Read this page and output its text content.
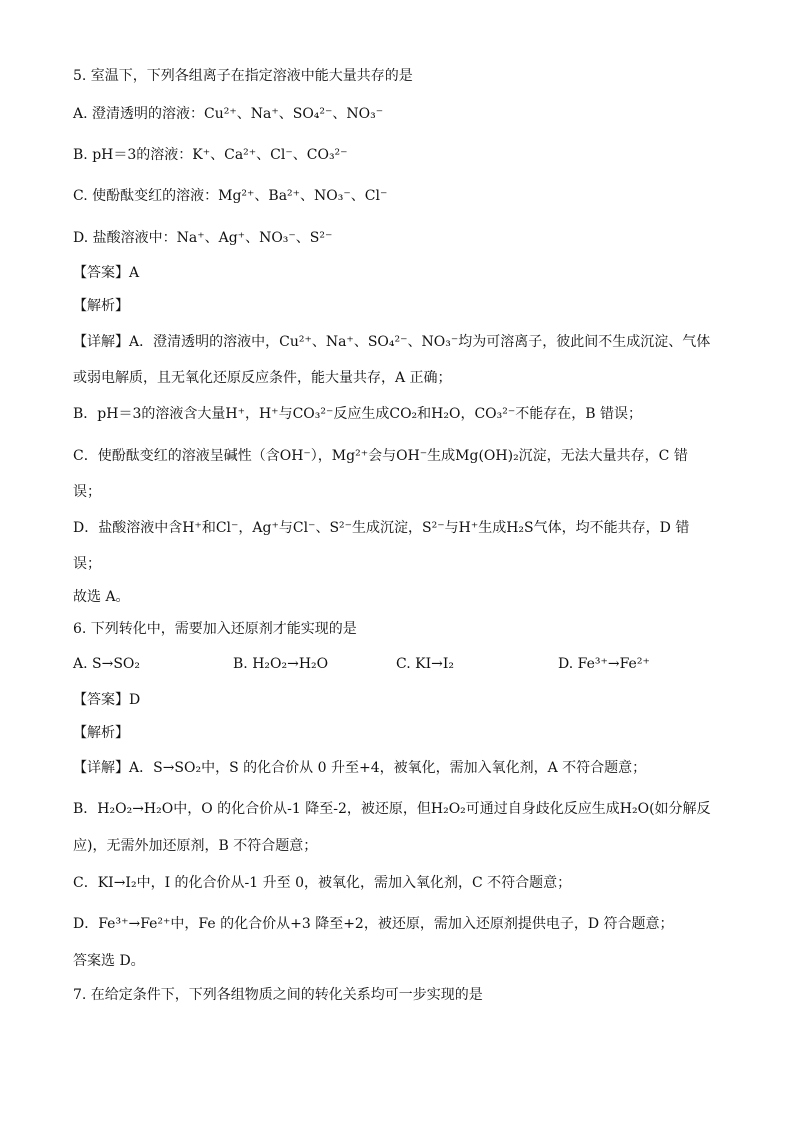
5. 室温下，下列各组离子在指定溶液中能大量共存的是
A. 澄清透明的溶液：Cu²⁺、Na⁺、SO₄²⁻、NO₃⁻
B. pH＝3的溶液：K⁺、Ca²⁺、Cl⁻、CO₃²⁻
C. 使酚酞变红的溶液：Mg²⁺、Ba²⁺、NO₃⁻、Cl⁻
D. 盐酸溶液中：Na⁺、Ag⁺、NO₃⁻、S²⁻
【答案】A
【解析】
【详解】A．澄清透明的溶液中，Cu²⁺、Na⁺、SO₄²⁻、NO₃⁻均为可溶离子，彼此间不生成沉淀、气体
或弱电解质，且无氧化还原反应条件，能大量共存，A 正确；
B．pH＝3的溶液含大量H⁺，H⁺与CO₃²⁻反应生成CO₂和H₂O，CO₃²⁻不能存在，B 错误；
C．使酚酞变红的溶液呈碱性（含OH⁻），Mg²⁺会与OH⁻生成Mg(OH)₂沉淀，无法大量共存，C 错
误；
D．盐酸溶液中含H⁺和Cl⁻，Ag⁺与Cl⁻、S²⁻生成沉淀，S²⁻与H⁺生成H₂S气体，均不能共存，D 错
误；
故选 A。
6. 下列转化中，需要加入还原剂才能实现的是
A. S→SO₂	B. H₂O₂→H₂O	C. KI→I₂	D. Fe³⁺→Fe²⁺
【答案】D
【解析】
【详解】A．S→SO₂中，S 的化合价从 0 升至+4，被氧化，需加入氧化剂，A 不符合题意；
B．H₂O₂→H₂O中，O 的化合价从-1 降至-2，被还原，但H₂O₂可通过自身歧化反应生成H₂O(如分解反
应)，无需外加还原剂，B 不符合题意；
C．KI→I₂中，I 的化合价从-1 升至 0，被氧化，需加入氧化剂，C 不符合题意；
D．Fe³⁺→Fe²⁺中，Fe 的化合价从+3 降至+2，被还原，需加入还原剂提供电子，D 符合题意；
答案选 D。
7. 在给定条件下，下列各组物质之间的转化关系均可一步实现的是
